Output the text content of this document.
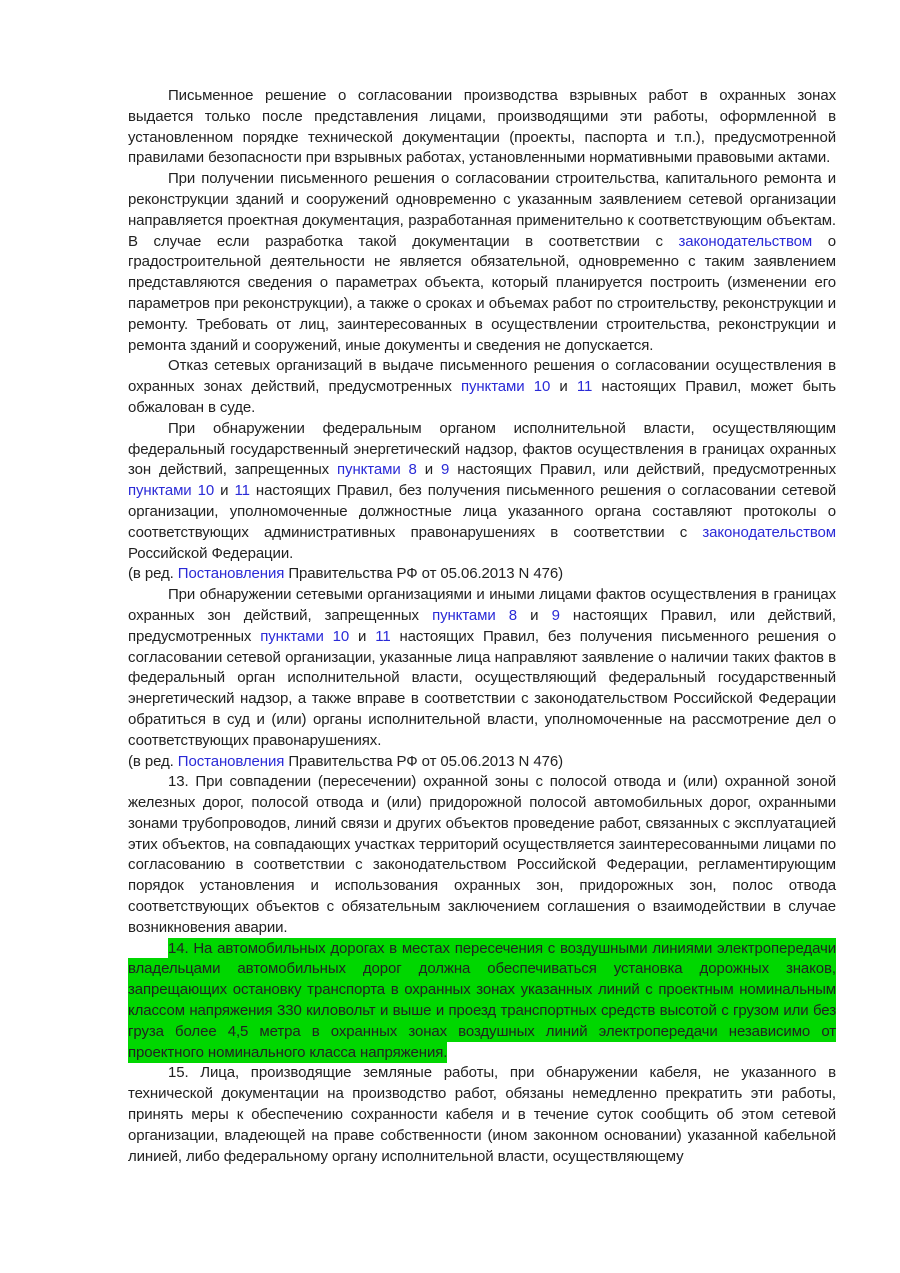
Письменное решение о согласовании производства взрывных работ в охранных зонах выдается только после представления лицами, производящими эти работы, оформленной в установленном порядке технической документации (проекты, паспорта и т.п.), предусмотренной правилами безопасности при взрывных работах, установленными нормативными правовыми актами.

При получении письменного решения о согласовании строительства, капитального ремонта и реконструкции зданий и сооружений одновременно с указанным заявлением сетевой организации направляется проектная документация, разработанная применительно к соответствующим объектам. В случае если разработка такой документации в соответствии с законодательством о градостроительной деятельности не является обязательной, одновременно с таким заявлением представляются сведения о параметрах объекта, который планируется построить (изменении его параметров при реконструкции), а также о сроках и объемах работ по строительству, реконструкции и ремонту. Требовать от лиц, заинтересованных в осуществлении строительства, реконструкции и ремонта зданий и сооружений, иные документы и сведения не допускается.

Отказ сетевых организаций в выдаче письменного решения о согласовании осуществления в охранных зонах действий, предусмотренных пунктами 10 и 11 настоящих Правил, может быть обжалован в суде.

При обнаружении федеральным органом исполнительной власти, осуществляющим федеральный государственный энергетический надзор, фактов осуществления в границах охранных зон действий, запрещенных пунктами 8 и 9 настоящих Правил, или действий, предусмотренных пунктами 10 и 11 настоящих Правил, без получения письменного решения о согласовании сетевой организации, уполномоченные должностные лица указанного органа составляют протоколы о соответствующих административных правонарушениях в соответствии с законодательством Российской Федерации.

(в ред. Постановления Правительства РФ от 05.06.2013 N 476)

При обнаружении сетевыми организациями и иными лицами фактов осуществления в границах охранных зон действий, запрещенных пунктами 8 и 9 настоящих Правил, или действий, предусмотренных пунктами 10 и 11 настоящих Правил, без получения письменного решения о согласовании сетевой организации, указанные лица направляют заявление о наличии таких фактов в федеральный орган исполнительной власти, осуществляющий федеральный государственный энергетический надзор, а также вправе в соответствии с законодательством Российской Федерации обратиться в суд и (или) органы исполнительной власти, уполномоченные на рассмотрение дел о соответствующих правонарушениях.

(в ред. Постановления Правительства РФ от 05.06.2013 N 476)

13. При совпадении (пересечении) охранной зоны с полосой отвода и (или) охранной зоной железных дорог, полосой отвода и (или) придорожной полосой автомобильных дорог, охранными зонами трубопроводов, линий связи и других объектов проведение работ, связанных с эксплуатацией этих объектов, на совпадающих участках территорий осуществляется заинтересованными лицами по согласованию в соответствии с законодательством Российской Федерации, регламентирующим порядок установления и использования охранных зон, придорожных зон, полос отвода соответствующих объектов с обязательным заключением соглашения о взаимодействии в случае возникновения аварии.

14. На автомобильных дорогах в местах пересечения с воздушными линиями электропередачи владельцами автомобильных дорог должна обеспечиваться установка дорожных знаков, запрещающих остановку транспорта в охранных зонах указанных линий с проектным номинальным классом напряжения 330 киловольт и выше и проезд транспортных средств высотой с грузом или без груза более 4,5 метра в охранных зонах воздушных линий электропередачи независимо от проектного номинального класса напряжения.

15. Лица, производящие земляные работы, при обнаружении кабеля, не указанного в технической документации на производство работ, обязаны немедленно прекратить эти работы, принять меры к обеспечению сохранности кабеля и в течение суток сообщить об этом сетевой организации, владеющей на праве собственности (ином законном основании) указанной кабельной линией, либо федеральному органу исполнительной власти, осуществляющему
